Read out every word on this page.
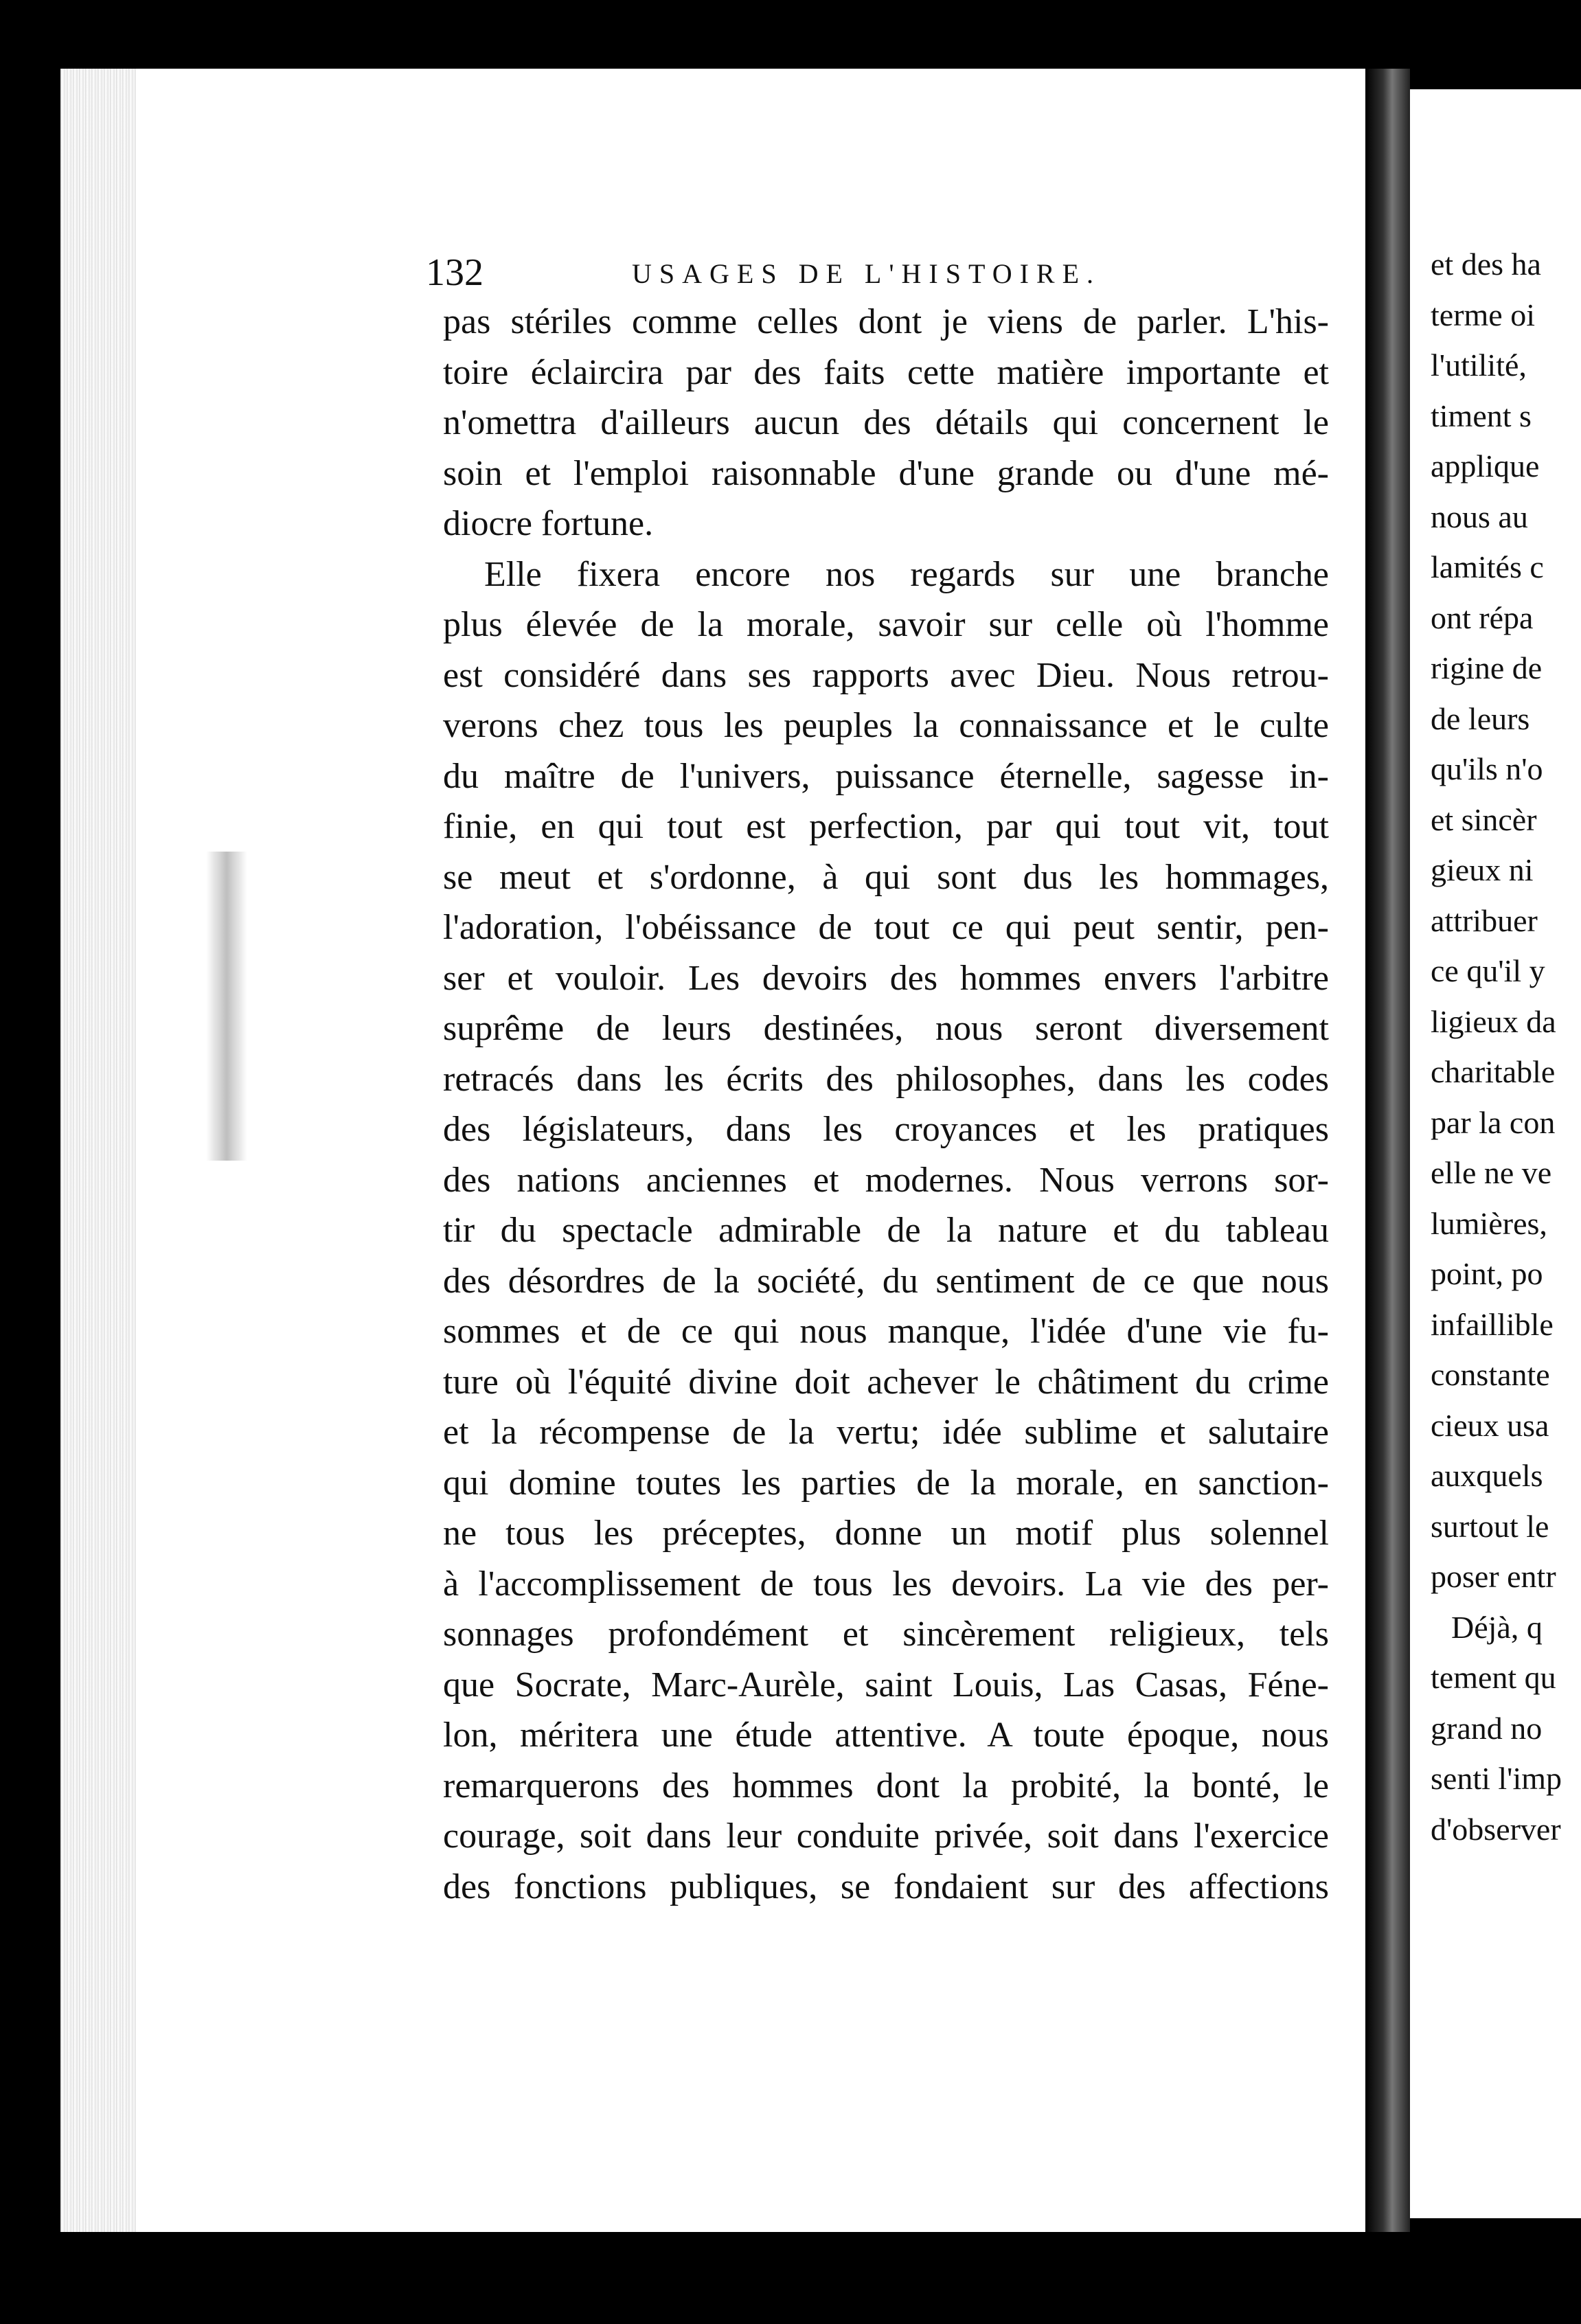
132	USAGES DE L'HISTOIRE.
pas stériles comme celles dont je viens de parler. L'his-
toire éclaircira par des faits cette matière importante et
n'omettra d'ailleurs aucun des détails qui concernent le
soin et l'emploi raisonnable d'une grande ou d'une mé-
diocre fortune.
Elle fixera encore nos regards sur une branche
plus élevée de la morale, savoir sur celle où l'homme
est considéré dans ses rapports avec Dieu. Nous retrou-
verons chez tous les peuples la connaissance et le culte
du maître de l'univers, puissance éternelle, sagesse in-
finie, en qui tout est perfection, par qui tout vit, tout
se meut et s'ordonne, à qui sont dus les hommages,
l'adoration, l'obéissance de tout ce qui peut sentir, pen-
ser et vouloir. Les devoirs des hommes envers l'arbitre
suprême de leurs destinées, nous seront diversement
retracés dans les écrits des philosophes, dans les codes
des législateurs, dans les croyances et les pratiques
des nations anciennes et modernes. Nous verrons sor-
tir du spectacle admirable de la nature et du tableau
des désordres de la société, du sentiment de ce que nous
sommes et de ce qui nous manque, l'idée d'une vie fu-
ture où l'équité divine doit achever le châtiment du crime
et la récompense de la vertu; idée sublime et salutaire
qui domine toutes les parties de la morale, en sanction-
ne tous les préceptes, donne un motif plus solennel
à l'accomplissement de tous les devoirs. La vie des per-
sonnages profondément et sincèrement religieux, tels
que Socrate, Marc-Aurèle, saint Louis, Las Casas, Féne-
lon, méritera une étude attentive. A toute époque, nous
remarquerons des hommes dont la probité, la bonté, le
courage, soit dans leur conduite privée, soit dans l'exercice
des fonctions publiques, se fondaient sur des affections
et des ha
terme oi
l'utilité,
timent s
applique
nous au
lamités c
ont répa
rigine de
de leurs
qu'ils n'o
et sincèr
gieux ni
attribuer
ce qu'il y
ligieux da
charitable
par la con
elle ne ve
lumières,
point, po
infaillible
constante
cieux usa
auxquels
surtout le
poser entr
Déjà, q
tement qu
grand no
senti l'imp
d'observer
